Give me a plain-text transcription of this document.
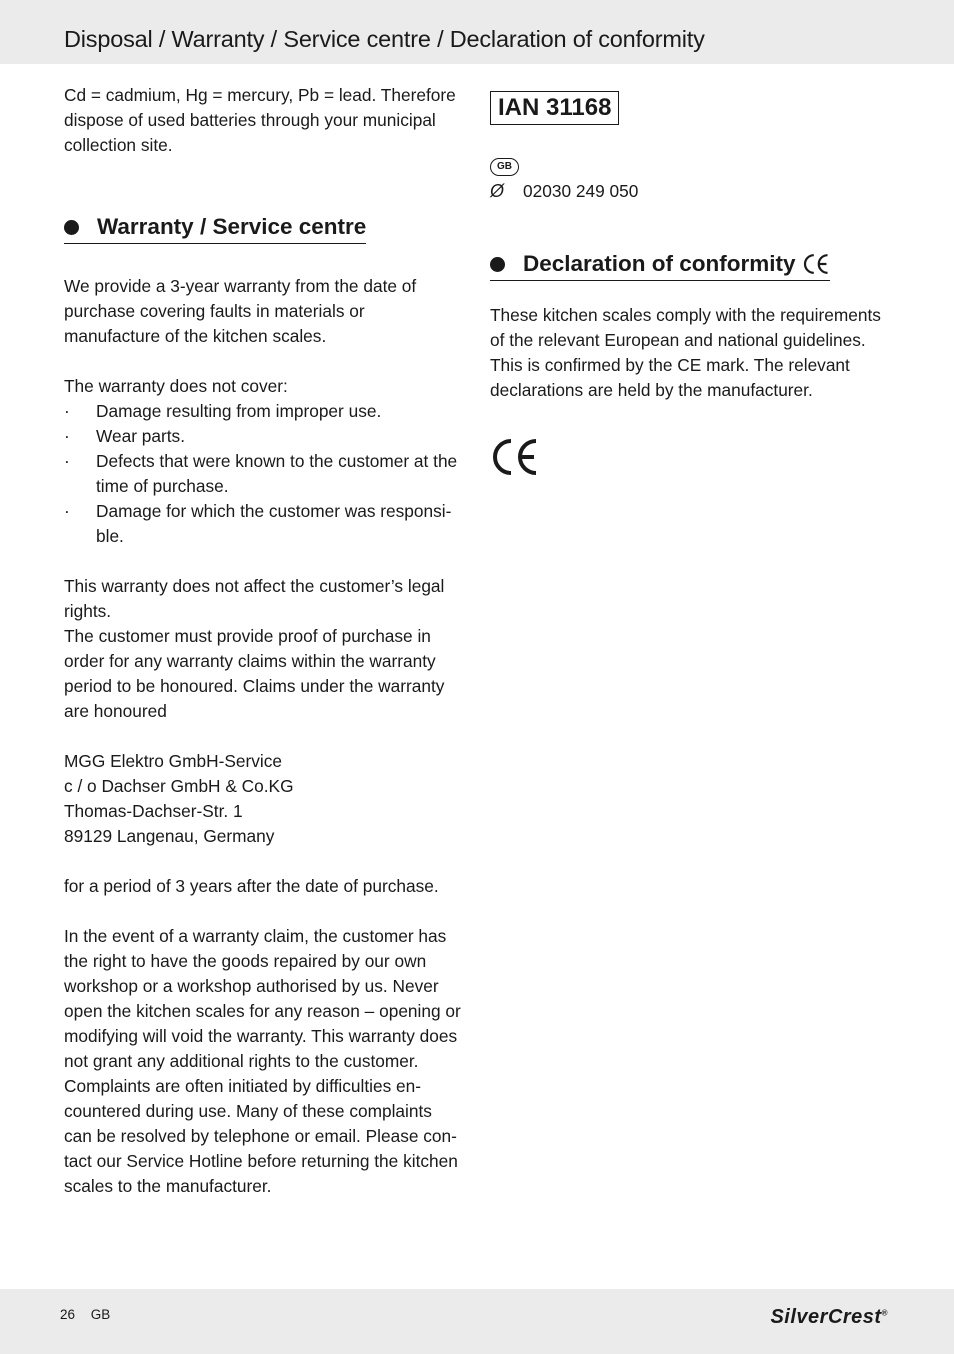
Disposal / Warranty / Service centre / Declaration of conformity

Cd = cadmium, Hg = mercury, Pb = lead. Therefore dispose of used batteries through your municipal collection site.

Warranty / Service centre

We provide a 3-year warranty from the date of purchase covering faults in materials or manufacture of the kitchen scales.

The warranty does not cover:

· Damage resulting from improper use.
· Wear parts.
· Defects that were known to the customer at the time of purchase.
· Damage for which the customer was responsi- ble.

This warranty does not affect the customer’s legal rights.

The customer must provide proof of purchase in order for any warranty claims within the warranty period to be honoured. Claims under the warranty are honoured

MGG Elektro GmbH-Service

c / o Dachser GmbH & Co.KG

Thomas-Dachser-Str. 1

89129 Langenau, Germany

for a period of 3 years after the date of purchase.

In the event of a warranty claim, the customer has the right to have the goods repaired by our own workshop or a workshop authorised by us. Never open the kitchen scales for any reason – opening or modifying will void the warranty. This warranty does not grant any additional rights to the customer. Complaints are often initiated by difficulties en- countered during use. Many of these complaints can be resolved by telephone or email. Please con- tact our Service Hotline before returning the kitchen scales to the manufacturer.

IAN 31168
GB
Ø	02030 249 050
Declaration of conformity

These kitchen scales comply with the requirements of the relevant European and national guidelines. This is confirmed by the CE mark. The relevant declarations are held by the manufacturer.

26 GB	SilverCrest®
